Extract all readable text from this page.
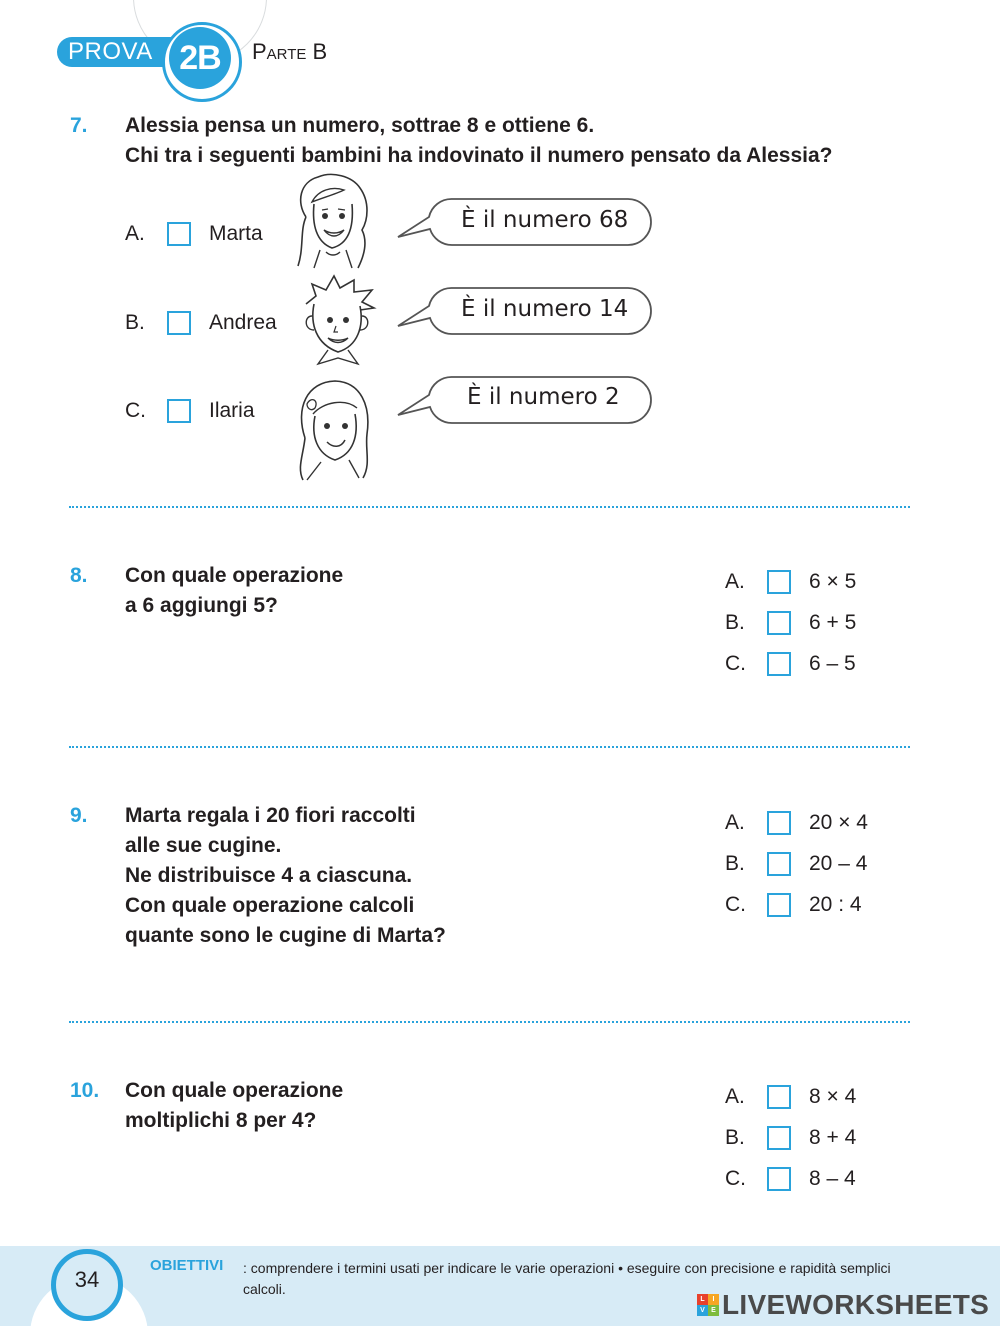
PROVA 2B	Parte B
7. Alessia pensa un numero, sottrae 8 e ottiene 6.
Chi tra i seguenti bambini ha indovinato il numero pensato da Alessia?
A.	Marta
È il numero 68
B.	Andrea
È il numero 14
C.	Ilaria
È il numero 2
8. Con quale operazione
a 6 aggiungi 5?
A.	6 × 5
B.	6 + 5
C.	6 – 5
9. Marta regala i 20 fiori raccolti
alle sue cugine.
Ne distribuisce 4 a ciascuna.
Con quale operazione calcoli
quante sono le cugine di Marta?
A.	20 × 4
B.	20 – 4
C.	20 : 4
10. Con quale operazione
moltiplichi 8 per 4?
A.	8 × 4
B.	8 + 4
C.	8 – 4
34
OBIETTIVI : comprendere i termini usati per indicare le varie operazioni • eseguire con precisione e rapidità semplici calcoli.
L	I
V E LIVEWORKSHEETS
